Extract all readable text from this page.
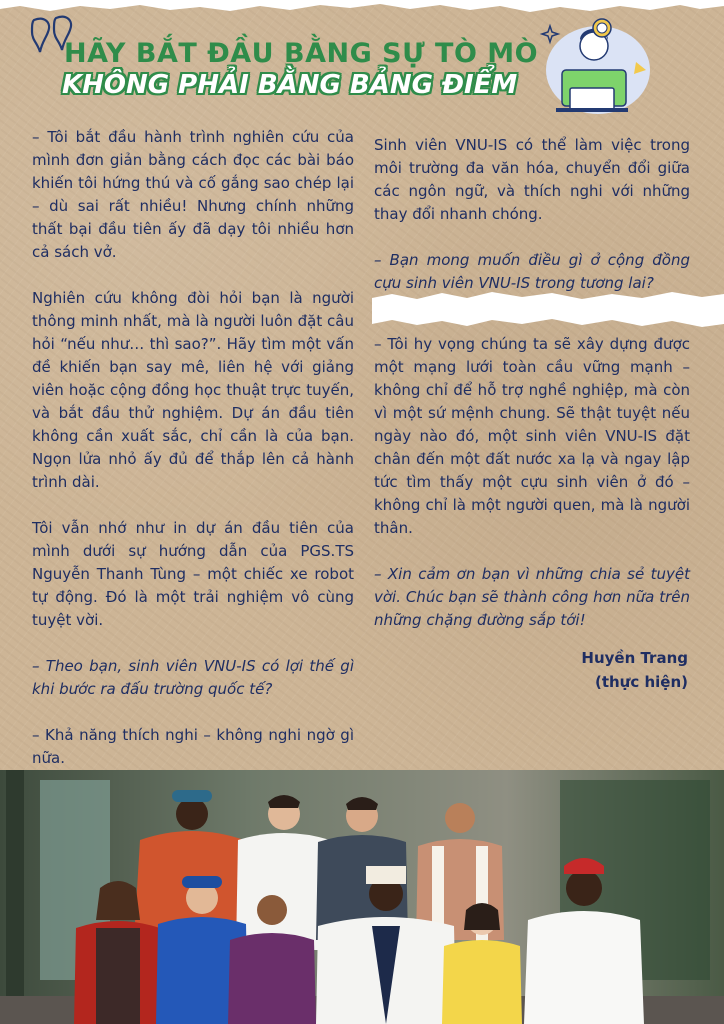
HÃY BẮT ĐẦU BẰNG SỰ TÒ MÒ
KHÔNG PHẢI BẰNG BẢNG ĐIỂM

– Tôi bắt đầu hành trình nghiên cứu của mình đơn giản bằng cách đọc các bài báo khiến tôi hứng thú và cố gắng sao chép lại – dù sai rất nhiều! Nhưng chính những thất bại đầu tiên ấy đã dạy tôi nhiều hơn cả sách vở.

Nghiên cứu không đòi hỏi bạn là người thông minh nhất, mà là người luôn đặt câu hỏi “nếu như… thì sao?”. Hãy tìm một vấn đề khiến bạn say mê, liên hệ với giảng viên hoặc cộng đồng học thuật trực tuyến, và bắt đầu thử nghiệm. Dự án đầu tiên không cần xuất sắc, chỉ cần là của bạn. Ngọn lửa nhỏ ấy đủ để thắp lên cả hành trình dài.

Tôi vẫn nhớ như in dự án đầu tiên của mình dưới sự hướng dẫn của PGS.TS Nguyễn Thanh Tùng – một chiếc xe robot tự động. Đó là một trải nghiệm vô cùng tuyệt vời.

– Theo bạn, sinh viên VNU-IS có lợi thế gì khi bước ra đấu trường quốc tế?

– Khả năng thích nghi – không nghi ngờ gì nữa.

Sinh viên VNU-IS có thể làm việc trong môi trường đa văn hóa, chuyển đổi giữa các ngôn ngữ, và thích nghi với những thay đổi nhanh chóng.

– Bạn mong muốn điều gì ở cộng đồng cựu sinh viên VNU-IS trong tương lai?

– Tôi hy vọng chúng ta sẽ xây dựng được một mạng lưới toàn cầu vững mạnh – không chỉ để hỗ trợ nghề nghiệp, mà còn vì một sứ mệnh chung. Sẽ thật tuyệt nếu ngày nào đó, một sinh viên VNU-IS đặt chân đến một đất nước xa lạ và ngay lập tức tìm thấy một cựu sinh viên ở đó – không chỉ là một người quen, mà là người thân.

– Xin cảm ơn bạn vì những chia sẻ tuyệt vời. Chúc bạn sẽ thành công hơn nữa trên những chặng đường sắp tới!

Huyền Trang
(thực hiện)
